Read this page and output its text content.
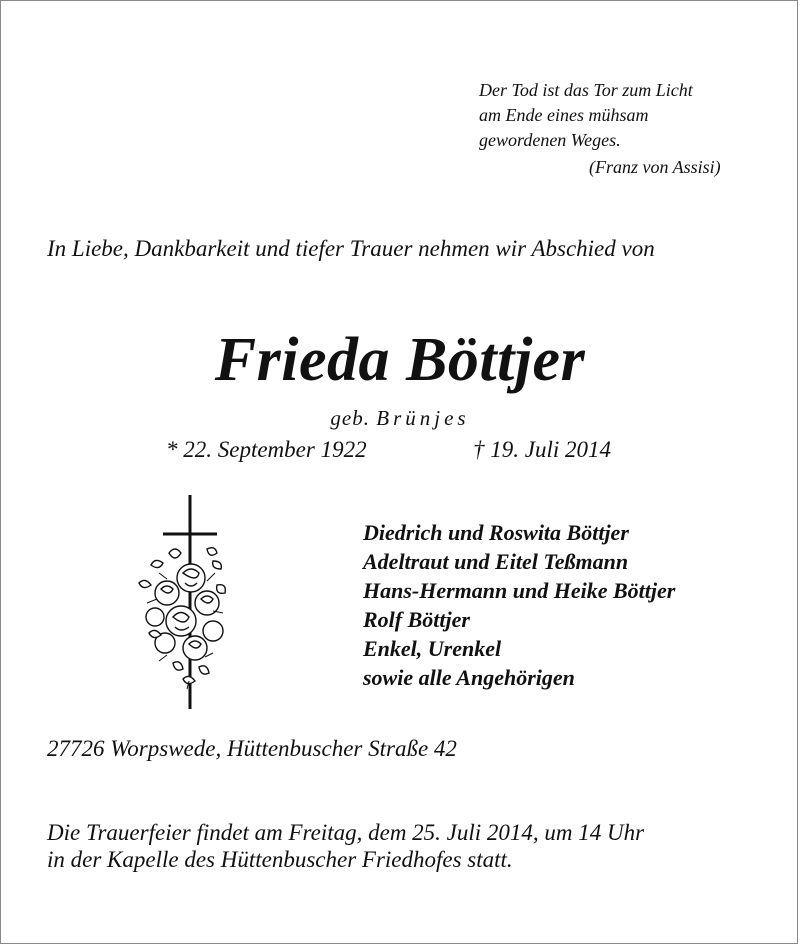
Der Tod ist das Tor zum Licht
am Ende eines mühsam
gewordenen Weges.
(Franz von Assisi)
In Liebe, Dankbarkeit und tiefer Trauer nehmen wir Abschied von
Frieda Böttjer
geb. Brünjes
* 22. September 1922	† 19. Juli 2014
Diedrich und Roswita Böttjer
Adeltraut und Eitel Teßmann
Hans-Hermann und Heike Böttjer
Rolf Böttjer
Enkel, Urenkel
sowie alle Angehörigen
27726 Worpswede, Hüttenbuscher Straße 42
Die Trauerfeier findet am Freitag, dem 25. Juli 2014, um 14 Uhr
in der Kapelle des Hüttenbuscher Friedhofes statt.
